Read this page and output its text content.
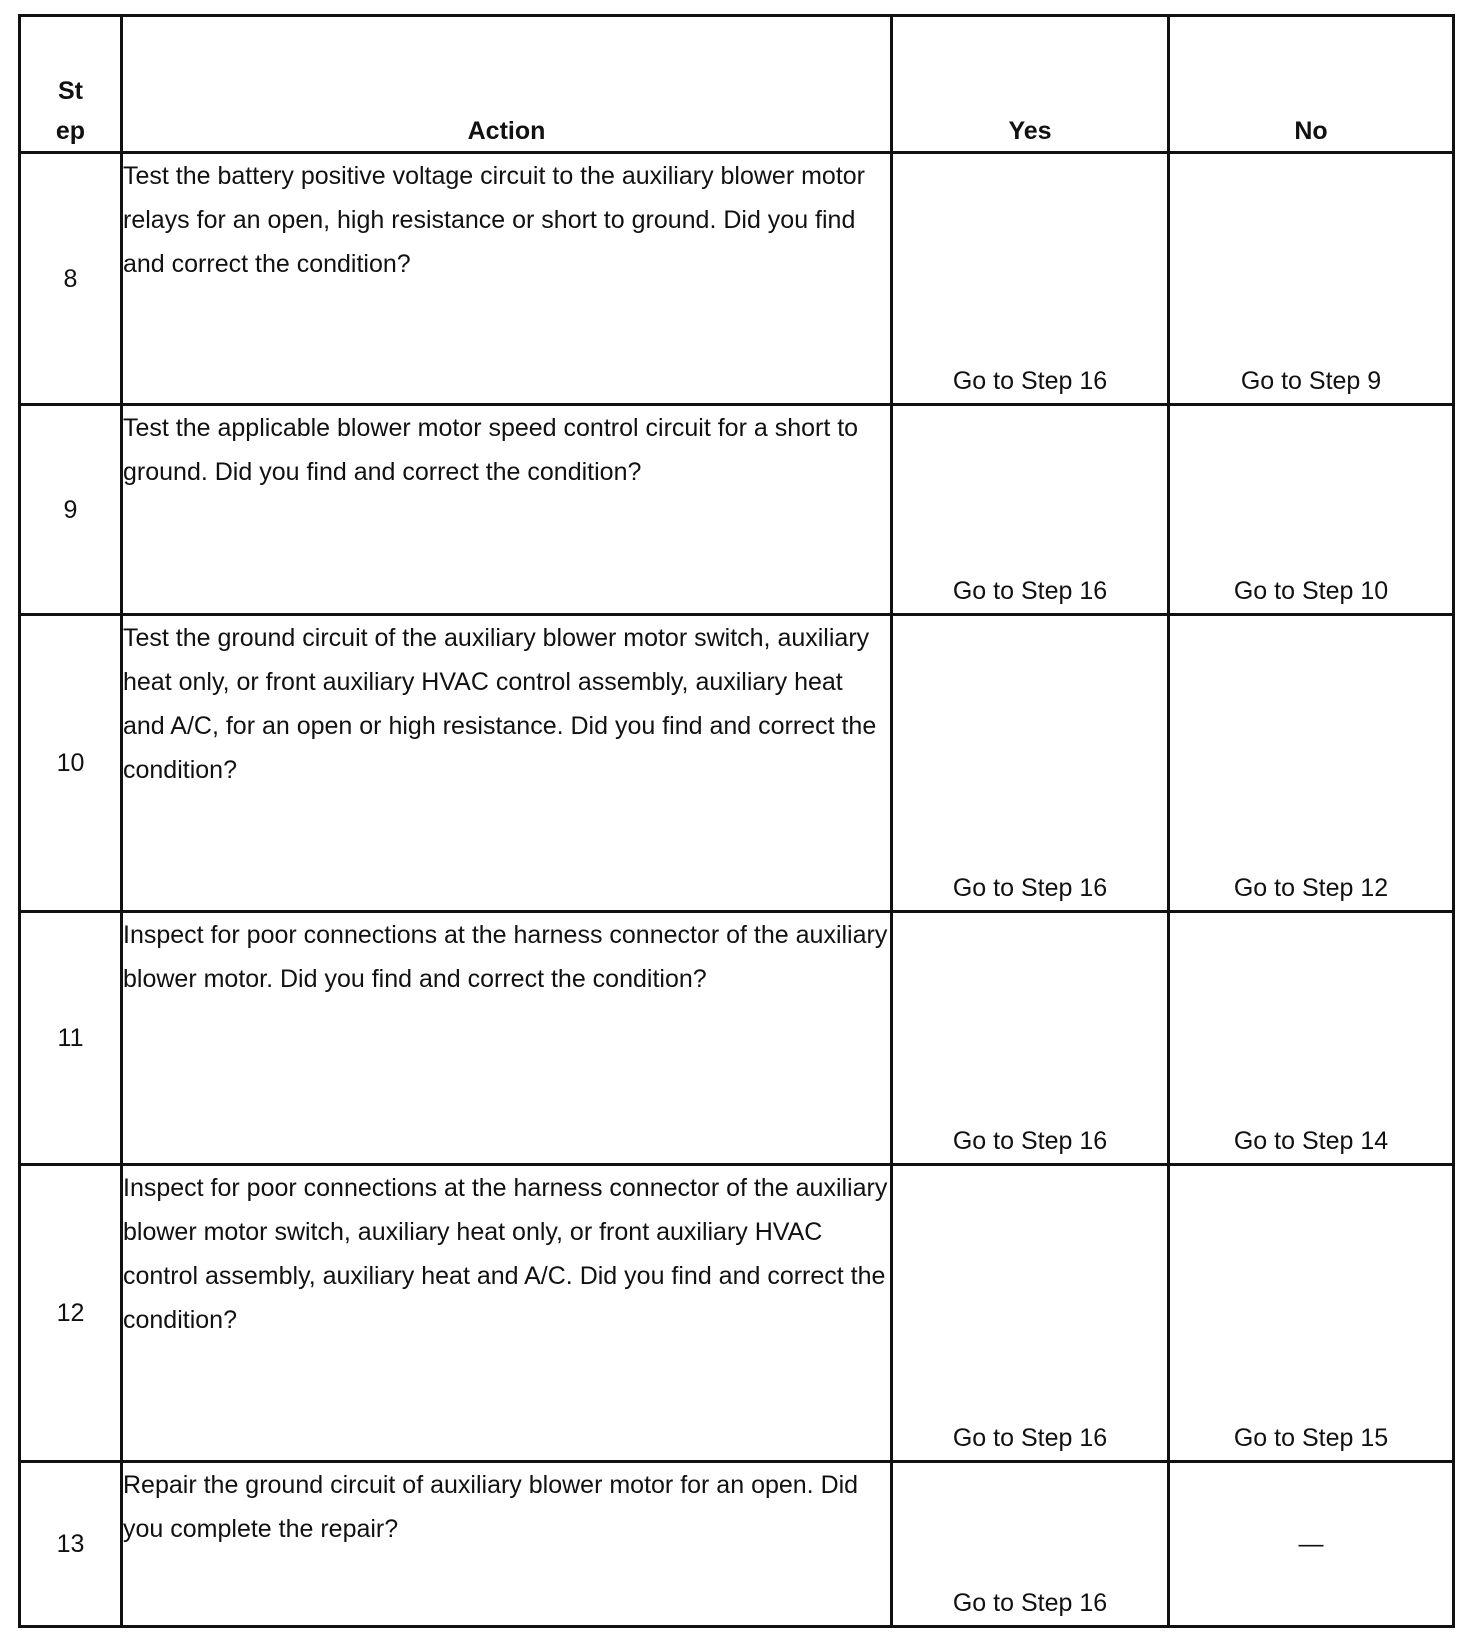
St
ep	Action	Yes	No
8	Test the battery positive voltage circuit to the auxiliary blower motor relays for an open, high resistance or short to ground. Did you find and correct the condition?	Go to Step 16	Go to Step 9
9	Test the applicable blower motor speed control circuit for a short to ground. Did you find and correct the condition?	Go to Step 16	Go to Step 10
10	Test the ground circuit of the auxiliary blower motor switch, auxiliary heat only, or front auxiliary HVAC control assembly, auxiliary heat and A/C, for an open or high resistance. Did you find and correct the condition?	Go to Step 16	Go to Step 12
11	Inspect for poor connections at the harness connector of the auxiliary blower motor. Did you find and correct the condition?	Go to Step 16	Go to Step 14
12	Inspect for poor connections at the harness connector of the auxiliary blower motor switch, auxiliary heat only, or front auxiliary HVAC control assembly, auxiliary heat and A/C. Did you find and correct the condition?	Go to Step 16	Go to Step 15
13	Repair the ground circuit of auxiliary blower motor for an open. Did you complete the repair?	Go to Step 16	—
